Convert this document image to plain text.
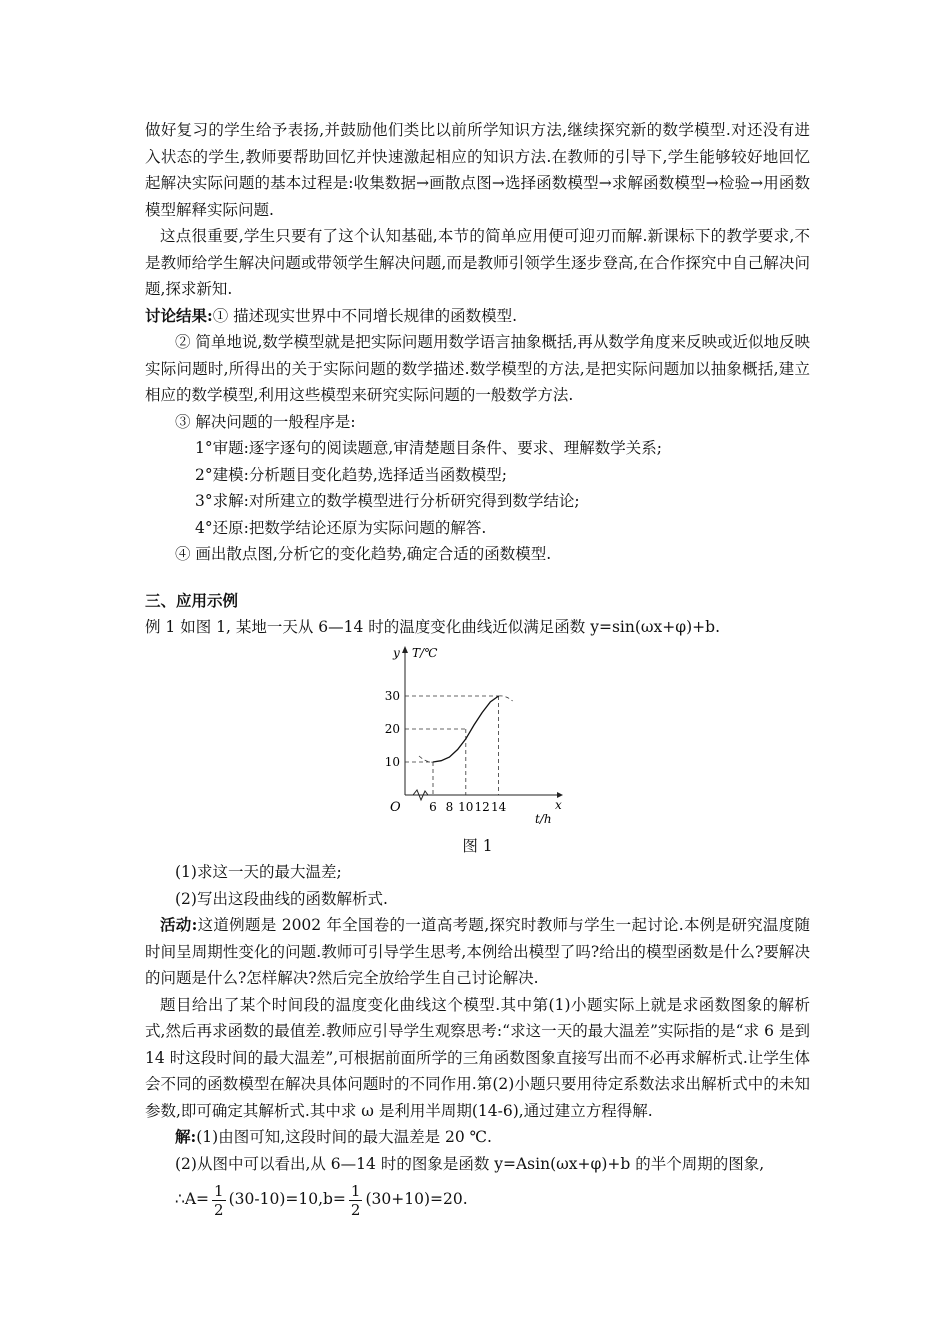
做好复习的学生给予表扬,并鼓励他们类比以前所学知识方法,继续探究新的数学模型.对还没有进入状态的学生,教师要帮助回忆并快速激起相应的知识方法.在教师的引导下,学生能够较好地回忆起解决实际问题的基本过程是:收集数据→画散点图→选择函数模型→求解函数模型→检验→用函数模型解释实际问题.

这点很重要,学生只要有了这个认知基础,本节的简单应用便可迎刃而解.新课标下的教学要求,不是教师给学生解决问题或带领学生解决问题,而是教师引领学生逐步登高,在合作探究中自己解决问题,探求新知.

讨论结果:① 描述现实世界中不同增长规律的函数模型.

② 简单地说,数学模型就是把实际问题用数学语言抽象概括,再从数学角度来反映或近似地反映实际问题时,所得出的关于实际问题的数学描述.数学模型的方法,是把实际问题加以抽象概括,建立相应的数学模型,利用这些模型来研究实际问题的一般数学方法.

③ 解决问题的一般程序是:

1°审题:逐字逐句的阅读题意,审清楚题目条件、要求、理解数学关系;

2°建模:分析题目变化趋势,选择适当函数模型;

3°求解:对所建立的数学模型进行分析研究得到数学结论;

4°还原:把数学结论还原为实际问题的解答.

④ 画出散点图,分析它的变化趋势,确定合适的函数模型.

三、应用示例

例 1 如图 1, 某地一天从 6—14 时的温度变化曲线近似满足函数 y=sin(ωx+φ)+b.

y T/℃
x
t/h
O
10
20
30
6 8 10 12 14

图 1

(1)求这一天的最大温差;

(2)写出这段曲线的函数解析式.

活动:这道例题是 2002 年全国卷的一道高考题,探究时教师与学生一起讨论.本例是研究温度随时间呈周期性变化的问题.教师可引导学生思考,本例给出模型了吗?给出的模型函数是什么?要解决的问题是什么?怎样解决?然后完全放给学生自己讨论解决.

题目给出了某个时间段的温度变化曲线这个模型.其中第(1)小题实际上就是求函数图象的解析式,然后再求函数的最值差.教师应引导学生观察思考:“求这一天的最大温差”实际指的是“求 6 是到 14 时这段时间的最大温差”,可根据前面所学的三角函数图象直接写出而不必再求解析式.让学生体会不同的函数模型在解决具体问题时的不同作用.第(2)小题只要用待定系数法求出解析式中的未知参数,即可确定其解析式.其中求 ω 是利用半周期(14-6),通过建立方程得解.

解:(1)由图可知,这段时间的最大温差是 20 ℃.

(2)从图中可以看出,从 6—14 时的图象是函数 y=Asin(ωx+φ)+b 的半个周期的图象,

∴A= $\frac{1}{2} (30-10)=10,b= \frac{1}{2} (30+10)=20$.
